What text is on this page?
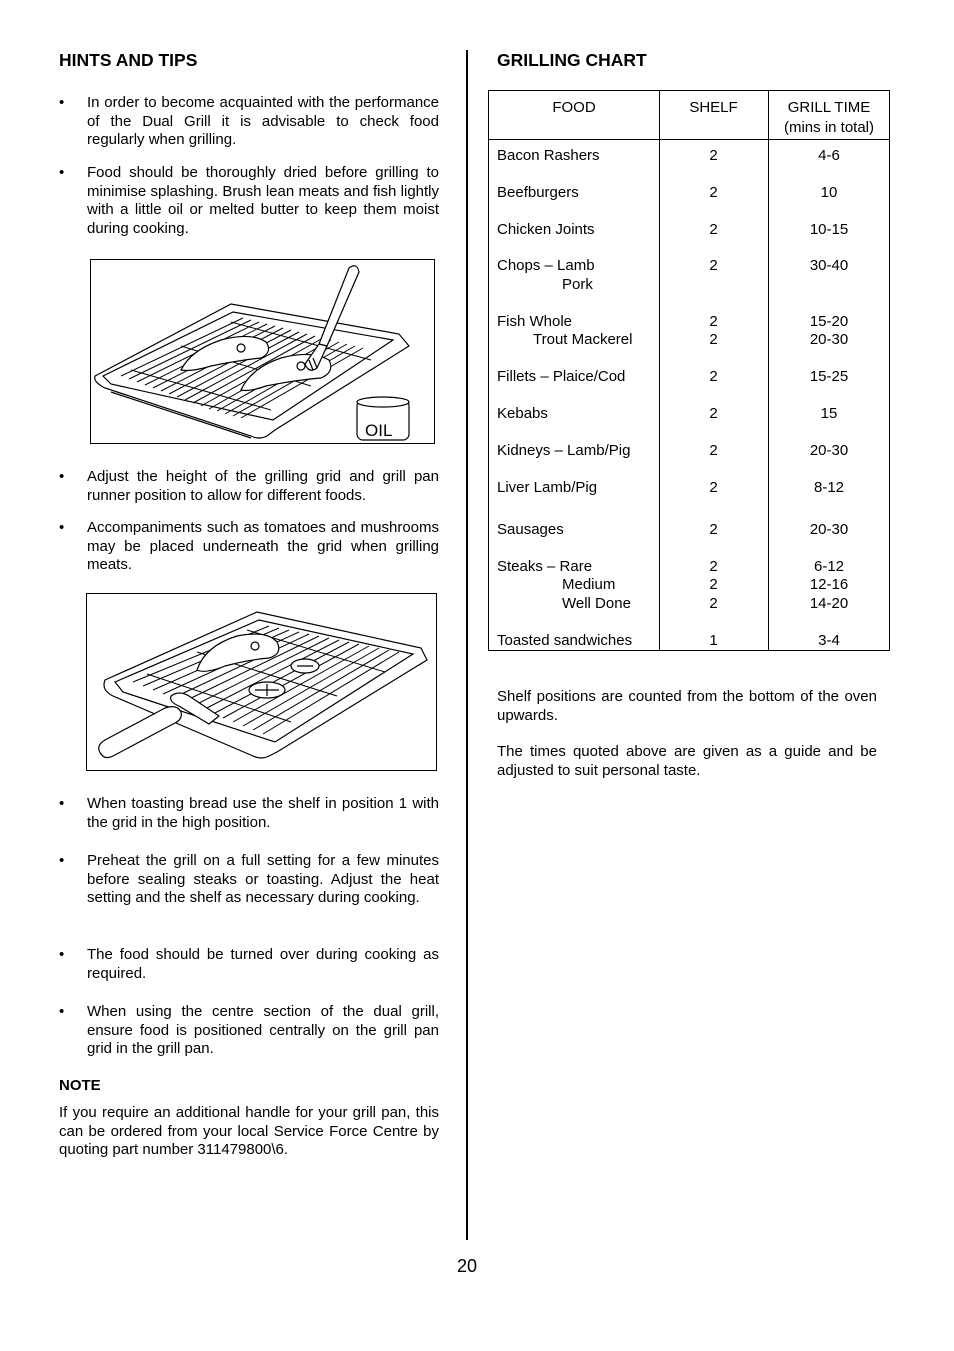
HINTS AND TIPS
• In order to become acquainted with the performance of the Dual Grill it is advisable to check food regularly when grilling.
• Food should be thoroughly dried before grilling to minimise splashing. Brush lean meats and fish lightly with a little oil or melted butter to keep them moist during cooking.
OIL
• Adjust the height of the grilling grid and grill pan runner position to allow for different foods.
• Accompaniments such as tomatoes and mushrooms may be placed underneath the grid when grilling meats.
• When toasting bread use the shelf in position 1 with the grid in the high position.
• Preheat the grill on a full setting for a few minutes before sealing steaks or toasting. Adjust the heat setting and the shelf as necessary during cooking.
• The food should be turned over during cooking as required.
• When using the centre section of the dual grill, ensure food is positioned centrally on the grill pan grid in the grill pan.
NOTE
If you require an additional handle for your grill pan, this can be ordered from your local Service Force Centre by quoting part number 311479800\6.
GRILLING CHART
FOOD	SHELF	GRILL TIME
(mins in total)
Bacon Rashers	2	4-6
Beefburgers	2	10
Chicken Joints	2	10-15
Chops – Lamb	2	30-40
Pork
Fish Whole	2	15-20
Trout Mackerel	2	20-30
Fillets – Plaice/Cod	2	15-25
Kebabs	2	15
Kidneys – Lamb/Pig	2	20-30
Liver Lamb/Pig	2	8-12
Sausages	2	20-30
Steaks – Rare	2	6-12
Medium	2	12-16
Well Done	2	14-20
Toasted sandwiches	1	3-4
Shelf positions are counted from the bottom of the oven upwards.
The times quoted above are given as a guide and be adjusted to suit personal taste.
20
